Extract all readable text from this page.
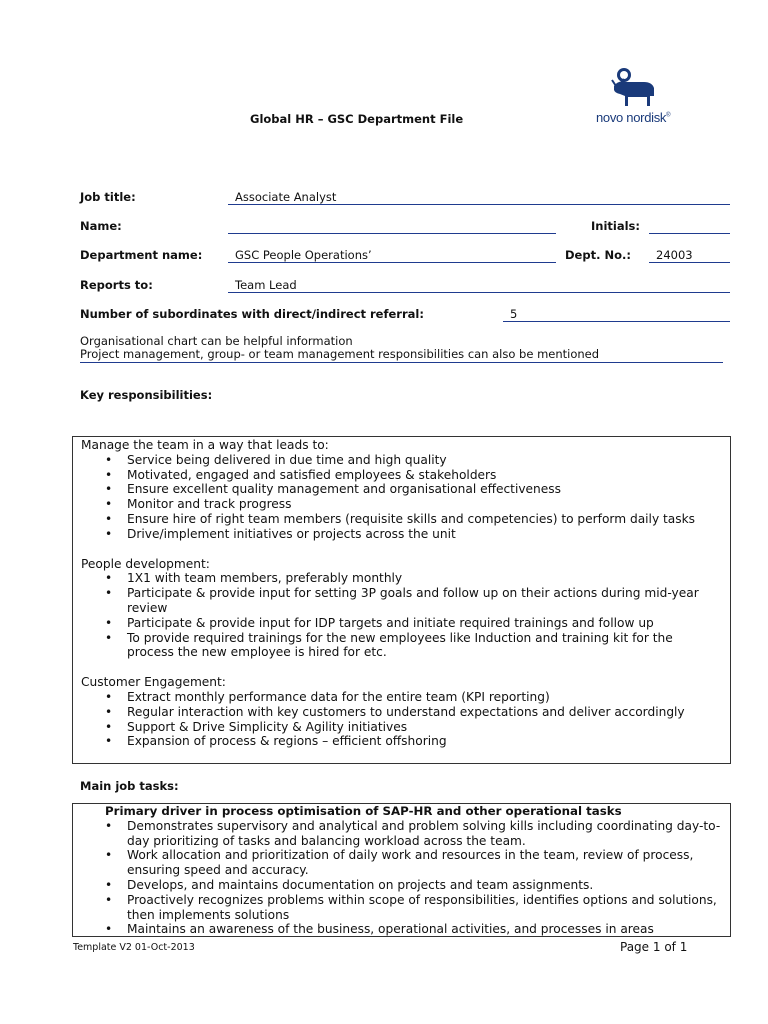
Global HR – GSC Department File	novo nordisk®
Job title:	Associate Analyst
Name:	Initials:
Department name:	GSC People Operations’	Dept. No.: 24003
Reports to:	Team Lead
Number of subordinates with direct/indirect referral:	5
Organisational chart can be helpful information
Project management, group- or team management responsibilities can also be mentioned
Key responsibilities:
Manage the team in a way that leads to:
• Service being delivered in due time and high quality
• Motivated, engaged and satisfied employees & stakeholders
• Ensure excellent quality management and organisational effectiveness
• Monitor and track progress
• Ensure hire of right team members (requisite skills and competencies) to perform daily tasks
• Drive/implement initiatives or projects across the unit
People development:
• 1X1 with team members, preferably monthly
• Participate & provide input for setting 3P goals and follow up on their actions during mid-year review
• Participate & provide input for IDP targets and initiate required trainings and follow up
• To provide required trainings for the new employees like Induction and training kit for the process the new employee is hired for etc.
Customer Engagement:
• Extract monthly performance data for the entire team (KPI reporting)
• Regular interaction with key customers to understand expectations and deliver accordingly
• Support & Drive Simplicity & Agility initiatives
• Expansion of process & regions – efficient offshoring
Main job tasks:
Primary driver in process optimisation of SAP-HR and other operational tasks
• Demonstrates supervisory and analytical and problem solving kills including coordinating day-to-day prioritizing of tasks and balancing workload across the team.
• Work allocation and prioritization of daily work and resources in the team, review of process, ensuring speed and accuracy.
• Develops, and maintains documentation on projects and team assignments.
• Proactively recognizes problems within scope of responsibilities, identifies options and solutions, then implements solutions
• Maintains an awareness of the business, operational activities, and processes in areas
Template V2 01-Oct-2013	Page 1 of 1
